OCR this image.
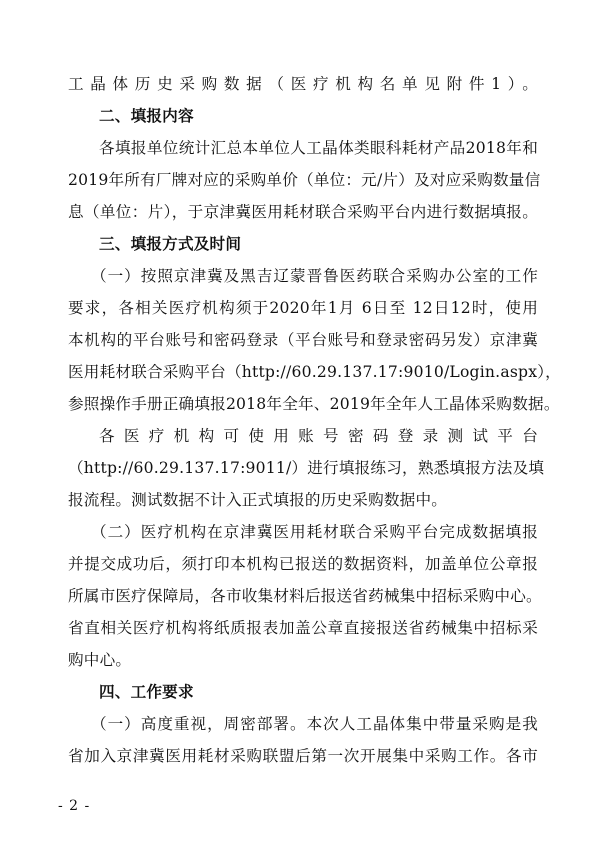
工晶体历史采购数据（医疗机构名单见附件1）。
二、填报内容
各填报单位统计汇总本单位人工晶体类眼科耗材产品2018年和
2019年所有厂牌对应的采购单价（单位：元/片）及对应采购数量信
息（单位：片），于京津冀医用耗材联合采购平台内进行数据填报。
三、填报方式及时间
（一）按照京津冀及黑吉辽蒙晋鲁医药联合采购办公室的工作
要求，各相关医疗机构须于2020年1月 6日至 12日12时，使用
本机构的平台账号和密码登录（平台账号和登录密码另发）京津冀
医用耗材联合采购平台（http://60.29.137.17:9010/Login.aspx），
参照操作手册正确填报2018年全年、2019年全年人工晶体采购数据。
各医疗机构可使用账号密码登录测试平台
（http://60.29.137.17:9011/）进行填报练习，熟悉填报方法及填
报流程。测试数据不计入正式填报的历史采购数据中。
（二）医疗机构在京津冀医用耗材联合采购平台完成数据填报
并提交成功后，须打印本机构已报送的数据资料，加盖单位公章报
所属市医疗保障局，各市收集材料后报送省药械集中招标采购中心。
省直相关医疗机构将纸质报表加盖公章直接报送省药械集中招标采
购中心。
四、工作要求
（一）高度重视，周密部署。本次人工晶体集中带量采购是我
省加入京津冀医用耗材采购联盟后第一次开展集中采购工作。各市
- 2 -
